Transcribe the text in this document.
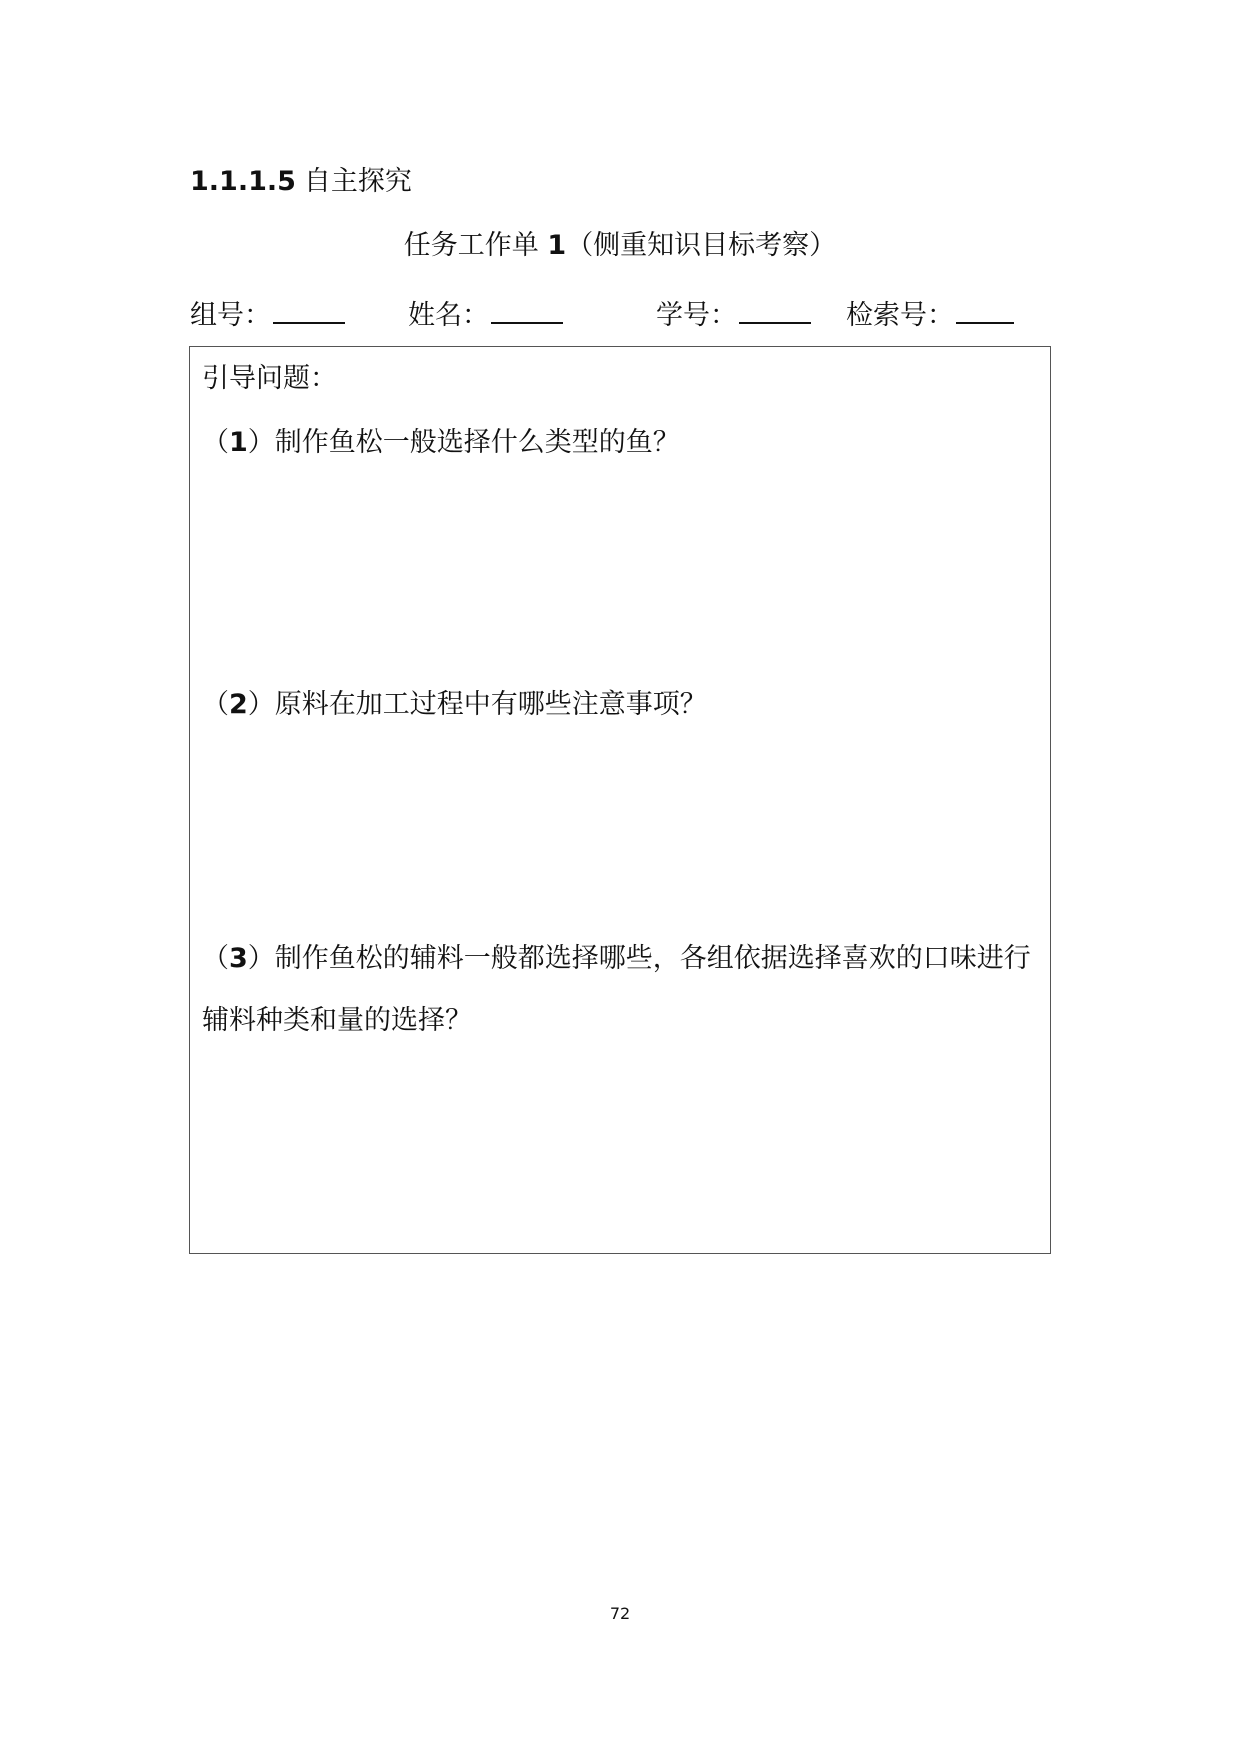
1.1.1.5 自主探究
任务工作单 1（侧重知识目标考察）
组号：	姓名：	学号：	检索号：
引导问题：
（1）制作鱼松一般选择什么类型的鱼？
（2）原料在加工过程中有哪些注意事项？
（3）制作鱼松的辅料一般都选择哪些，各组依据选择喜欢的口味进行辅料种类和量的选择？
72
